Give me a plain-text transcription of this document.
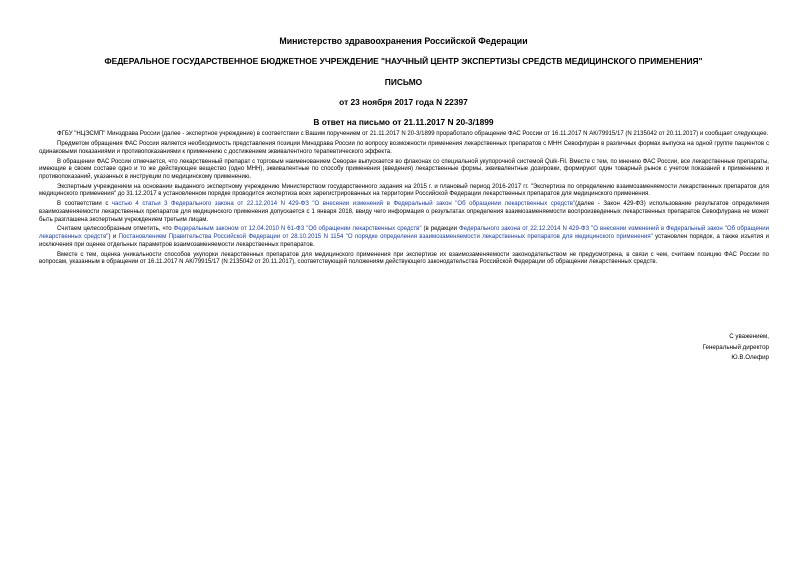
Министерство здравоохранения Российской Федерации
ФЕДЕРАЛЬНОЕ ГОСУДАРСТВЕННОЕ БЮДЖЕТНОЕ УЧРЕЖДЕНИЕ "НАУЧНЫЙ ЦЕНТР ЭКСПЕРТИЗЫ СРЕДСТВ МЕДИЦИНСКОГО ПРИМЕНЕНИЯ"
ПИСЬМО
от 23 ноября 2017 года N 22397
В ответ на письмо от 21.11.2017 N 20-3/1899

ФГБУ "НЦЭСМП" Минздрава России (далее - экспертное учреждение) в соответствии с Вашим поручением от 21.11.2017 N 20-3/1899 проработало обращение ФАС России от 16.11.2017 N АК/79915/17 (N 2135042 от 20.11.2017) и сообщает следующее.

Предметом обращения ФАС России является необходимость представления позиции Минздрава России по вопросу возможности применения лекарственных препаратов с МНН Севофлуран в различных формах выпуска на одной группе пациентов с одинаковыми показаниями и противопоказаниями к применению с достижением эквивалентного терапевтического эффекта.

В обращении ФАС России отмечается, что лекарственный препарат с торговым наименованием Севоран выпускается во флаконах со специальной укупорочной системой Quik-Fil. Вместе с тем, по мнению ФАС России, все лекарственные препараты, имеющие в своем составе одно и то же действующее вещество (одно МНН), эквивалентные по способу применения (введения) лекарственные формы, эквивалентные дозировки, формируют один товарный рынок с учетом показаний к применению и противопоказаний, указанных в инструкции по медицинскому применению.

Экспертным учреждением на основании выданного экспертному учреждению Министерством государственного задания на 2015 г. и плановый период 2016-2017 гг. "Экспертиза по определению взаимозаменяемости лекарственных препаратов для медицинского применения" до 31.12.2017 в установленном порядке проводится экспертиза всех зарегистрированных на территории Российской Федерации лекарственных препаратов для медицинского применения.

В соответствии с частью 4 статьи 3 Федерального закона от 22.12.2014 N 429-ФЗ "О внесении изменений в Федеральный закон "Об обращении лекарственных средств"(далее - Закон 429-ФЗ) использование результатов определения взаимозаменяемости лекарственных препаратов для медицинского применения допускается с 1 января 2018, ввиду чего информация о результатах определения взаимозаменяемости воспроизведенных лекарственных препаратов Севофлурана не может быть разглашена экспертным учреждением третьим лицам.

Считаем целесообразным отметить, что Федеральным законом от 12.04.2010 N 61-ФЗ "Об обращении лекарственных средств" (в редакции Федерального закона от 22.12.2014 N 429-ФЗ "О внесении изменений в Федеральный закон "Об обращении лекарственных средств") и Постановлением Правительства Российской Федерации от 28.10.2015 N 1154 "О порядке определения взаимозаменяемости лекарственных препаратов для медицинского применения" установлен порядок, а также изъятия и исключения при оценке отдельных параметров взаимозаменяемости лекарственных препаратов.

Вместе с тем, оценка уникальности способов укупорки лекарственных препаратов для медицинского применения при экспертизе их взаимозаменяемости законодательством не предусмотрена, в связи с чем, считаем позицию ФАС России по вопросам, указанным в обращении от 16.11.2017 N АК/79915/17 (N 2135042 от 20.11.2017), соответствующей положениям действующего законодательства Российской Федерации об обращении лекарственных средств.

С уважением,
Генеральный директор
Ю.В.Олефир
